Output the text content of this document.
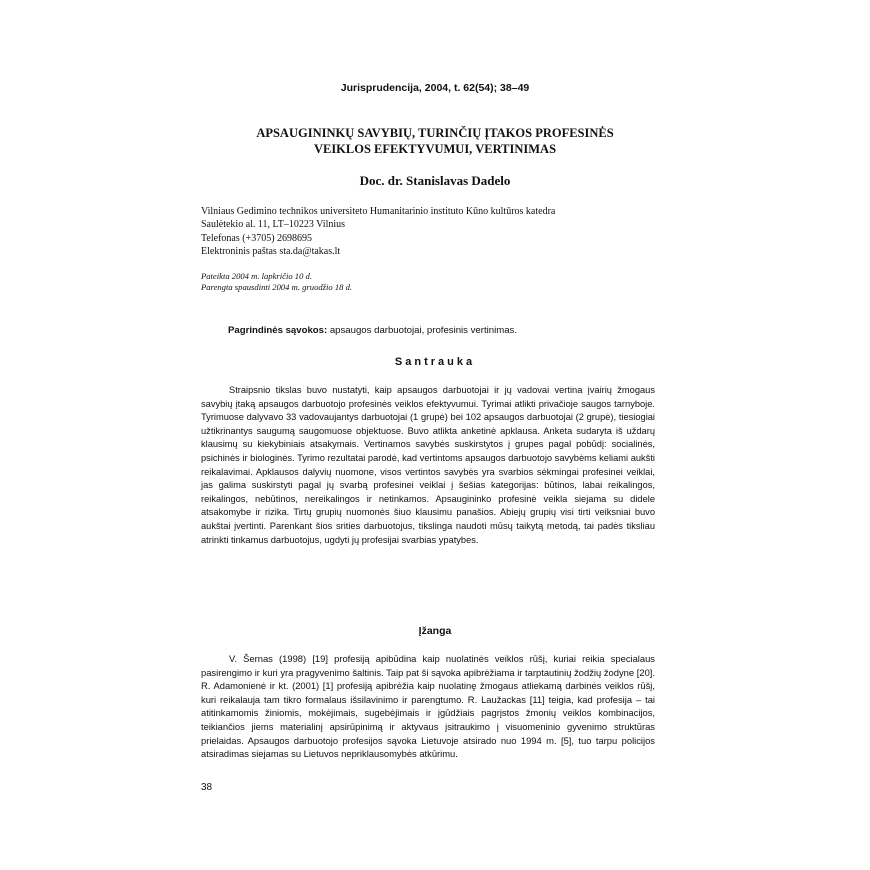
Jurisprudencija, 2004, t. 62(54); 38–49
APSAUGININKŲ SAVYBIŲ, TURINČIŲ ĮTAKOS PROFESINĖS
VEIKLOS EFEKTYVUMUI, VERTINIMAS
Doc. dr. Stanislavas Dadelo
Vilniaus Gedimino technikos universiteto Humanitarinio instituto Kūno kultūros katedra
Saulėtekio al. 11, LT–10223 Vilnius
Telefonas (+3705) 2698695
Elektroninis paštas sta.da@takas.lt
Pateikta 2004 m. lapkričio 10 d.
Parengta spausdinti 2004 m. gruodžio 18 d.
Pagrindinės sąvokos: apsaugos darbuotojai, profesinis vertinimas.
Santrauka

Straipsnio tikslas buvo nustatyti, kaip apsaugos darbuotojai ir jų vadovai vertina įvairių žmogaus savybių įtaką apsaugos darbuotojo profesinės veiklos efektyvumui. Tyrimai atlikti privačioje saugos tarnyboje. Tyrimuose dalyvavo 33 vadovaujantys darbuotojai (1 grupė) bei 102 apsaugos darbuotojai (2 grupė), tiesiogiai užtikrinantys saugumą saugomuose objektuose. Buvo atlikta anketinė apklausa. Anketa sudaryta iš uždarų klausimų su kiekybiniais atsakymais. Vertinamos savybės suskirstytos į grupes pagal pobūdį: socialinės, psichinės ir biologinės. Tyrimo rezultatai parodė, kad vertintoms apsaugos darbuotojo savybėms keliami aukšti reikalavimai. Apklausos dalyvių nuomone, visos vertintos savybės yra svarbios sėkmingai profesinei veiklai, jas galima suskirstyti pagal jų svarbą profesinei veiklai į šešias kategorijas: būtinos, labai reikalingos, reikalingos, nebūtinos, nereikalingos ir netinkamos. Apsaugininko profesinė veikla siejama su didele atsakomybe ir rizika. Tirtų grupių nuomonės šiuo klausimu panašios. Abiejų grupių visi tirti veiksniai buvo aukštai įvertinti. Parenkant šios srities darbuotojus, tikslinga naudoti mūsų taikytą metodą, tai padės tiksliau atrinkti tinkamus darbuotojus, ugdyti jų profesijai svarbias ypatybes.

Įžanga

V. Šernas (1998) [19] profesiją apibūdina kaip nuolatinės veiklos rūšį, kuriai reikia specialaus pasirengimo ir kuri yra pragyvenimo šaltinis. Taip pat ši sąvoka apibrėžiama ir tarptautinių žodžių žodyne [20]. R. Adamonienė ir kt. (2001) [1] profesiją apibrėžia kaip nuolatinę žmogaus atliekamą darbinės veiklos rūšį, kuri reikalauja tam tikro formalaus išsilavinimo ir parengtumo. R. Laužackas [11] teigia, kad profesija – tai atitinkamomis žiniomis, mokėjimais, sugebėjimais ir įgūdžiais pagrįstos žmonių veiklos kombinacijos, teikiančios jiems materialinį apsirūpinimą ir aktyvaus įsitraukimo į visuomeninio gyvenimo struktūras prielaidas. Apsaugos darbuotojo profesijos sąvoka Lietuvoje atsirado nuo 1994 m. [5], tuo tarpu policijos atsiradimas siejamas su Lietuvos nepriklausomybės atkūrimu.

38
